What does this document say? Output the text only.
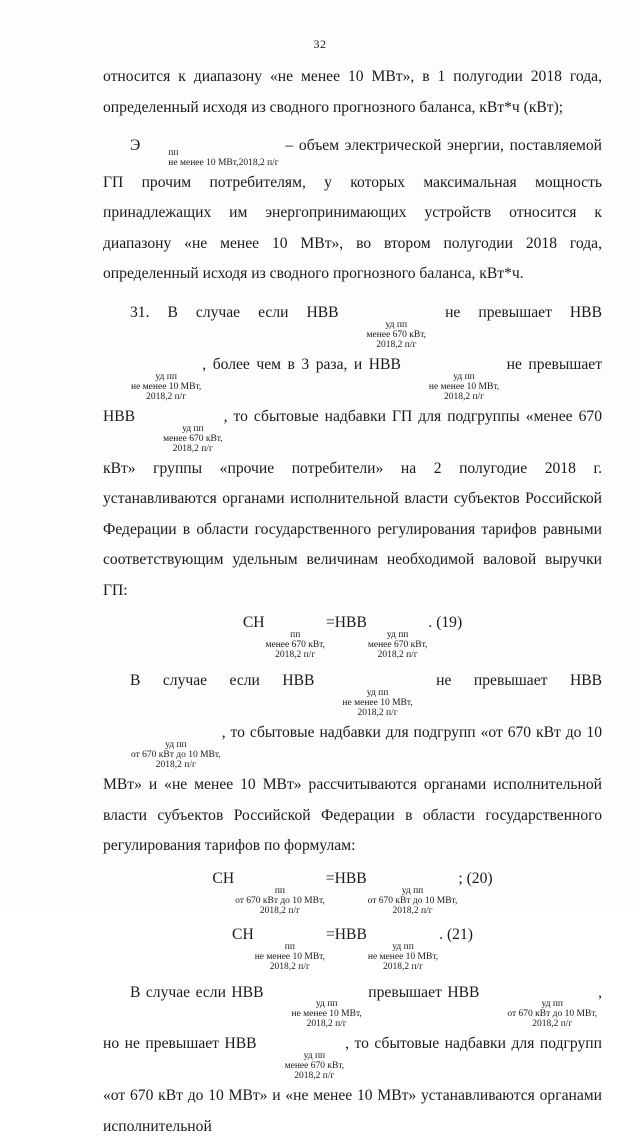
32

относится к диапазону «не менее 10 МВт», в 1 полугодии 2018 года, определенный исходя из сводного прогнозного баланса, кВт*ч (кВт);

Э	пп
не менее 10 МВт,2018,2 п/г
– объем электрической энергии, поставляемой ГП прочим потребителям, у которых максимальная мощность принадлежащих им энергопринимающих устройств относится к диапазону «не менее 10 МВт», во втором полугодии 2018 года, определенный исходя из сводного прогнозного баланса, кВт*ч.

31. В случае если НВВ
уд пп
менее 670 кВт,
2018,2 п/г
не превышает НВВ
уд пп
не менее 10 МВт,
2018,2 п/г
, более чем в 3 раза, и НВВ
уд пп
не менее 10 МВт,
2018,2 п/г
не превышает НВВ
уд пп
менее 670 кВт,
2018,2 п/г
, то сбытовые надбавки ГП для подгруппы «менее 670 кВт» группы «прочие потребители» на 2 полугодие 2018 г. устанавливаются органами исполнительной власти субъектов Российской Федерации в области государственного регулирования тарифов равными соответствующим удельным величинам необходимой валовой выручки ГП:

СН
пп
менее 670 кВт,
2018,2 п/г
=НВВ
уд пп
менее 670 кВт,
2018,2 п/г
. (19)

В случае если НВВ
уд пп
не менее 10 МВт,
2018,2 п/г
не превышает НВВ
уд пп
от 670 кВт до 10 МВт,
2018,2 п/г
, то сбытовые надбавки для подгрупп «от 670 кВт до 10 МВт» и «не менее 10 МВт» рассчитываются органами исполнительной власти субъектов Российской Федерации в области государственного регулирования тарифов по формулам:

СН
пп
от 670 кВт до 10 МВт,
2018,2 п/г
=НВВ
уд пп
от 670 кВт до 10 МВт,
2018,2 п/г
; (20)
СН
пп
не менее 10 МВт,
2018,2 п/г
=НВВ
уд пп
не менее 10 МВт,
2018,2 п/г
. (21)

В случае если НВВ
уд пп
не менее 10 МВт,
2018,2 п/г
превышает НВВ
уд пп
от 670 кВт до 10 МВт,
2018,2 п/г
, но не превышает НВВ
уд пп
менее 670 кВт,
2018,2 п/г
, то сбытовые надбавки для подгрупп «от 670 кВт до 10 МВт» и «не менее 10 МВт» устанавливаются органами исполнительной
